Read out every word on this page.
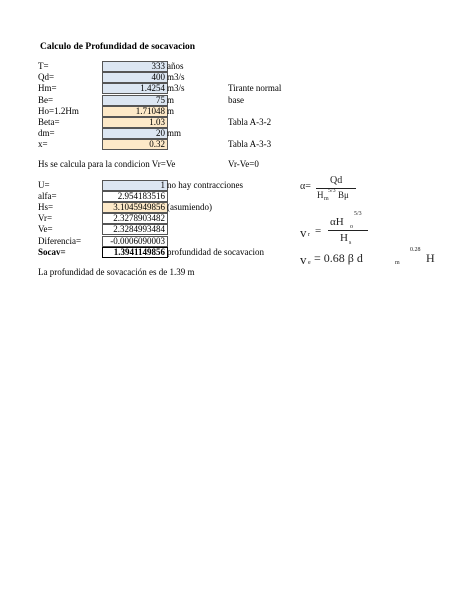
Calculo de Profundidad de socavacion
T=	333 años
Qd=	400 m3/s
Hm=	1.4254 m3/s	Tirante normal
Be=	75 m	base
Ho=1.2Hm	1.71048 m
Beta=	1.03	Tabla A-3-2
dm=	20 mm
x=	0.32	Tabla A-3-3
Hs se calcula para la condicion Vr=Ve	Vr-Ve=0
U=	1 no hay contracciones
alfa=	2.954183516
Hs=	3.1045949856 (asumiendo)
Vr=	2.3278903482
Ve=	2.3284993484
Diferencia=	-0.0006090003
Socav=	1.3941149856 profundidad de socavacion
La profundidad de sovacación es de 1.39 m
α=
Qd
H m
5/3 Bμ
v r =
αH o
5/3
H s
v e = 0.68 β d	m
0.28
H
